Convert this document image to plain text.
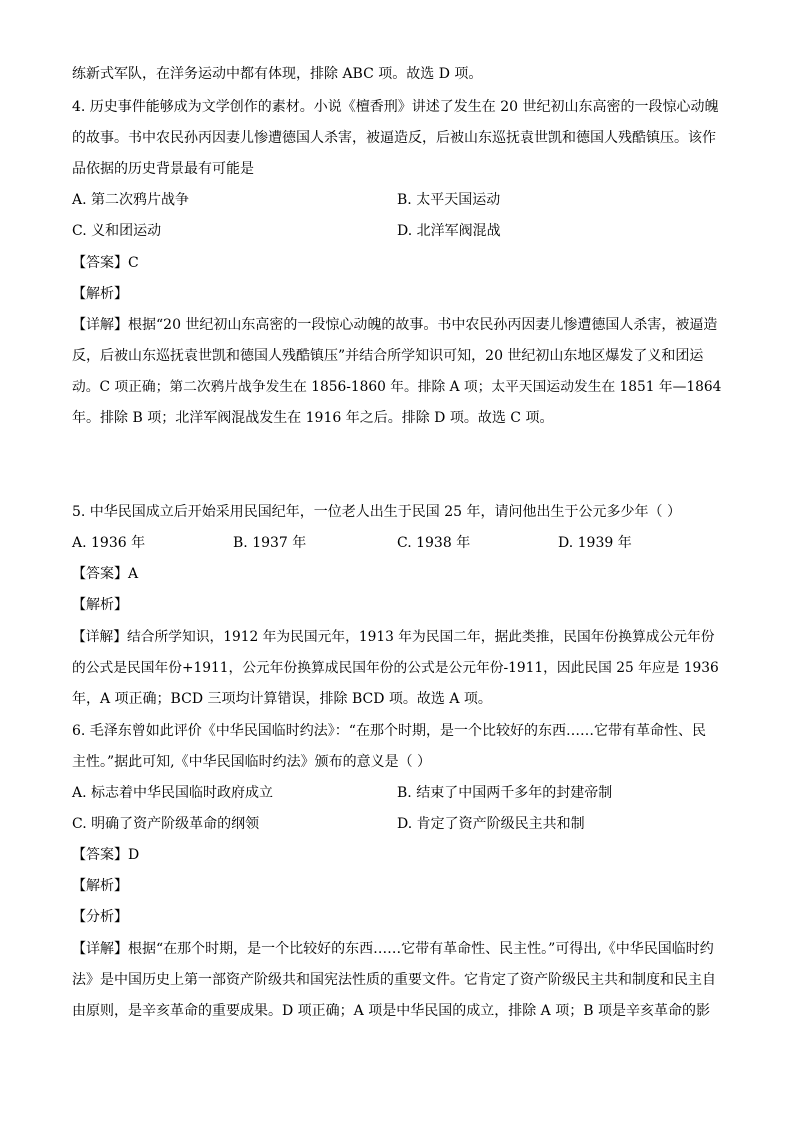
练新式军队，在洋务运动中都有体现，排除 ABC 项。故选 D 项。
4. 历史事件能够成为文学创作的素材。小说《檀香刑》讲述了发生在 20 世纪初山东高密的一段惊心动魄
的故事。书中农民孙丙因妻儿惨遭德国人杀害，被逼造反，后被山东巡抚袁世凯和德国人残酷镇压。该作
品依据的历史背景最有可能是
A. 第二次鸦片战争	B. 太平天国运动
C. 义和团运动	D. 北洋军阀混战
【答案】C
【解析】
【详解】根据“20 世纪初山东高密的一段惊心动魄的故事。书中农民孙丙因妻儿惨遭德国人杀害，被逼造
反，后被山东巡抚袁世凯和德国人残酷镇压”并结合所学知识可知，20 世纪初山东地区爆发了义和团运
动。C 项正确；第二次鸦片战争发生在 1856-1860 年。排除 A 项；太平天国运动发生在 1851 年—1864
年。排除 B 项；北洋军阀混战发生在 1916 年之后。排除 D 项。故选 C 项。
5. 中华民国成立后开始采用民国纪年，一位老人出生于民国 25 年，请问他出生于公元多少年（ ）
A. 1936 年	B. 1937 年	C. 1938 年	D. 1939 年
【答案】A
【解析】
【详解】结合所学知识，1912 年为民国元年，1913 年为民国二年，据此类推，民国年份换算成公元年份
的公式是民国年份+1911，公元年份换算成民国年份的公式是公元年份-1911，因此民国 25 年应是 1936
年，A 项正确；BCD 三项均计算错误，排除 BCD 项。故选 A 项。
6. 毛泽东曾如此评价《中华民国临时约法》：“在那个时期，是一个比较好的东西……它带有革命性、民
主性。”据此可知,《中华民国临时约法》颁布的意义是（ ）
A. 标志着中华民国临时政府成立	B. 结束了中国两千多年的封建帝制
C. 明确了资产阶级革命的纲领	D. 肯定了资产阶级民主共和制
【答案】D
【解析】
【分析】
【详解】根据“在那个时期，是一个比较好的东西……它带有革命性、民主性。”可得出,《中华民国临时约
法》是中国历史上第一部资产阶级共和国宪法性质的重要文件。它肯定了资产阶级民主共和制度和民主自
由原则，是辛亥革命的重要成果。D 项正确；A 项是中华民国的成立，排除 A 项；B 项是辛亥革命的影
